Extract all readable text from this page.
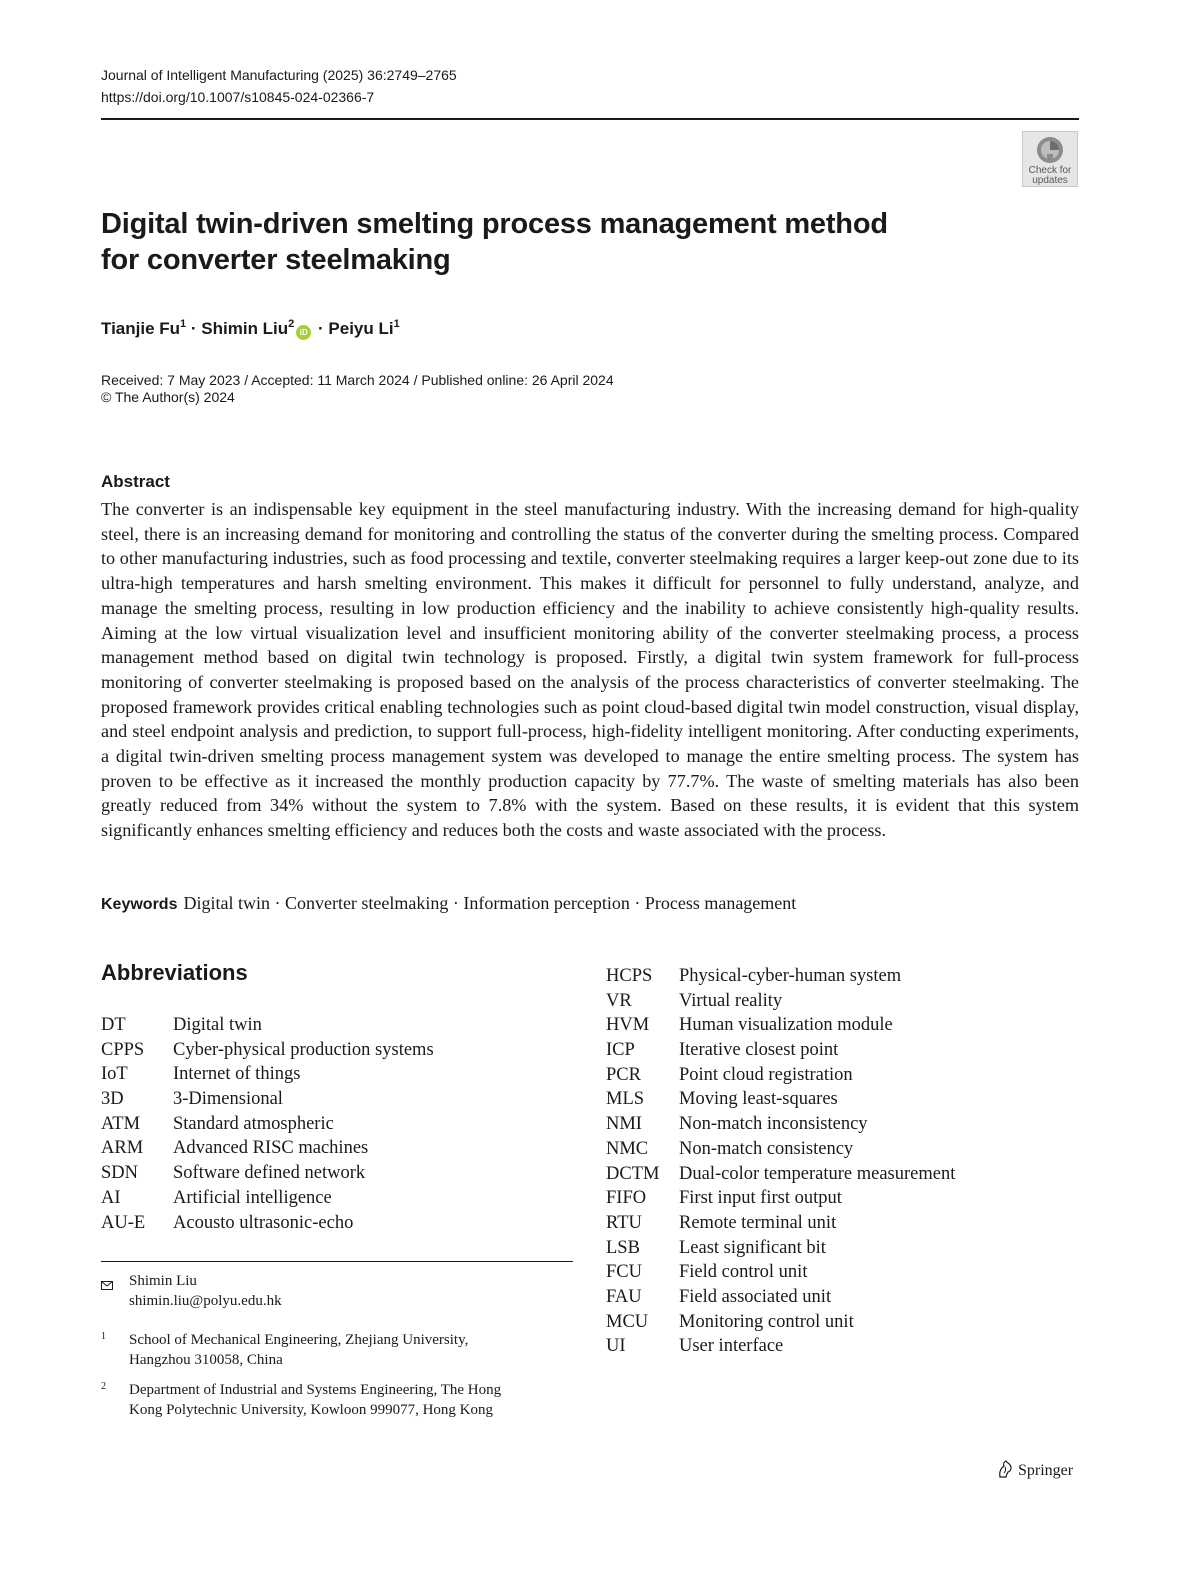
Journal of Intelligent Manufacturing (2025) 36:2749–2765
https://doi.org/10.1007/s10845-024-02366-7
Check for
updates
Digital twin-driven smelting process management method
for converter steelmaking
Tianjie $Fu^1 \cdot Shimin$ Liu$^2$iD · Peiyu Li$^1$
Received: 7 May 2023 / Accepted: 11 March 2024 / Published online: 26 April 2024
© The Author(s) 2024
Abstract

The converter is an indispensable key equipment in the steel manufacturing industry. With the increasing demand for high-quality steel, there is an increasing demand for monitoring and controlling the status of the converter during the smelting process. Compared to other manufacturing industries, such as food processing and textile, converter steelmaking requires a larger keep-out zone due to its ultra-high temperatures and harsh smelting environment. This makes it difficult for personnel to fully understand, analyze, and manage the smelting process, resulting in low production efficiency and the inability to achieve consistently high-quality results. Aiming at the low virtual visualization level and insufficient monitoring ability of the converter steelmaking process, a process management method based on digital twin technology is proposed. Firstly, a digital twin system framework for full-process monitoring of converter steelmaking is proposed based on the analysis of the process characteristics of converter steelmaking. The proposed framework provides critical enabling technologies such as point cloud-based digital twin model construction, visual display, and steel endpoint analysis and prediction, to support full-process, high-fidelity intelligent monitoring. After conducting experiments, a digital twin-driven smelting process management system was developed to manage the entire smelting process. The system has proven to be effective as it increased the monthly production capacity by 77.7%. The waste of smelting materials has also been greatly reduced from 34% without the system to 7.8% with the system. Based on these results, it is evident that this system significantly enhances smelting efficiency and reduces both the costs and waste associated with the process.

Keywords Digital twin · Converter steelmaking · Information perception · Process management
Abbreviations
DT	Digital twin
CPPS Cyber-physical production systems
IoT Internet of things
3D	3-Dimensional
ATM Standard atmospheric
ARM Advanced RISC machines
SDN Software defined network
AI	Artificial intelligence
AU-E Acousto ultrasonic-echo
HCPS Physical-cyber-human system
VR	Virtual reality
HVM Human visualization module
ICP Iterative closest point
PCR Point cloud registration
MLS Moving least-squares
NMI Non-match inconsistency
NMC Non-match consistency
DCTM Dual-color temperature measurement
FIFO First input first output
RTU Remote terminal unit
LSB Least significant bit
FCU Field control unit
FAU Field associated unit
MCU Monitoring control unit
UI	User interface
Shimin Liu
shimin.liu@polyu.edu.hk
1 School of Mechanical Engineering, Zhejiang University,
Hangzhou 310058, China
2 Department of Industrial and Systems Engineering, The Hong
Kong Polytechnic University, Kowloon 999077, Hong Kong
Springer
